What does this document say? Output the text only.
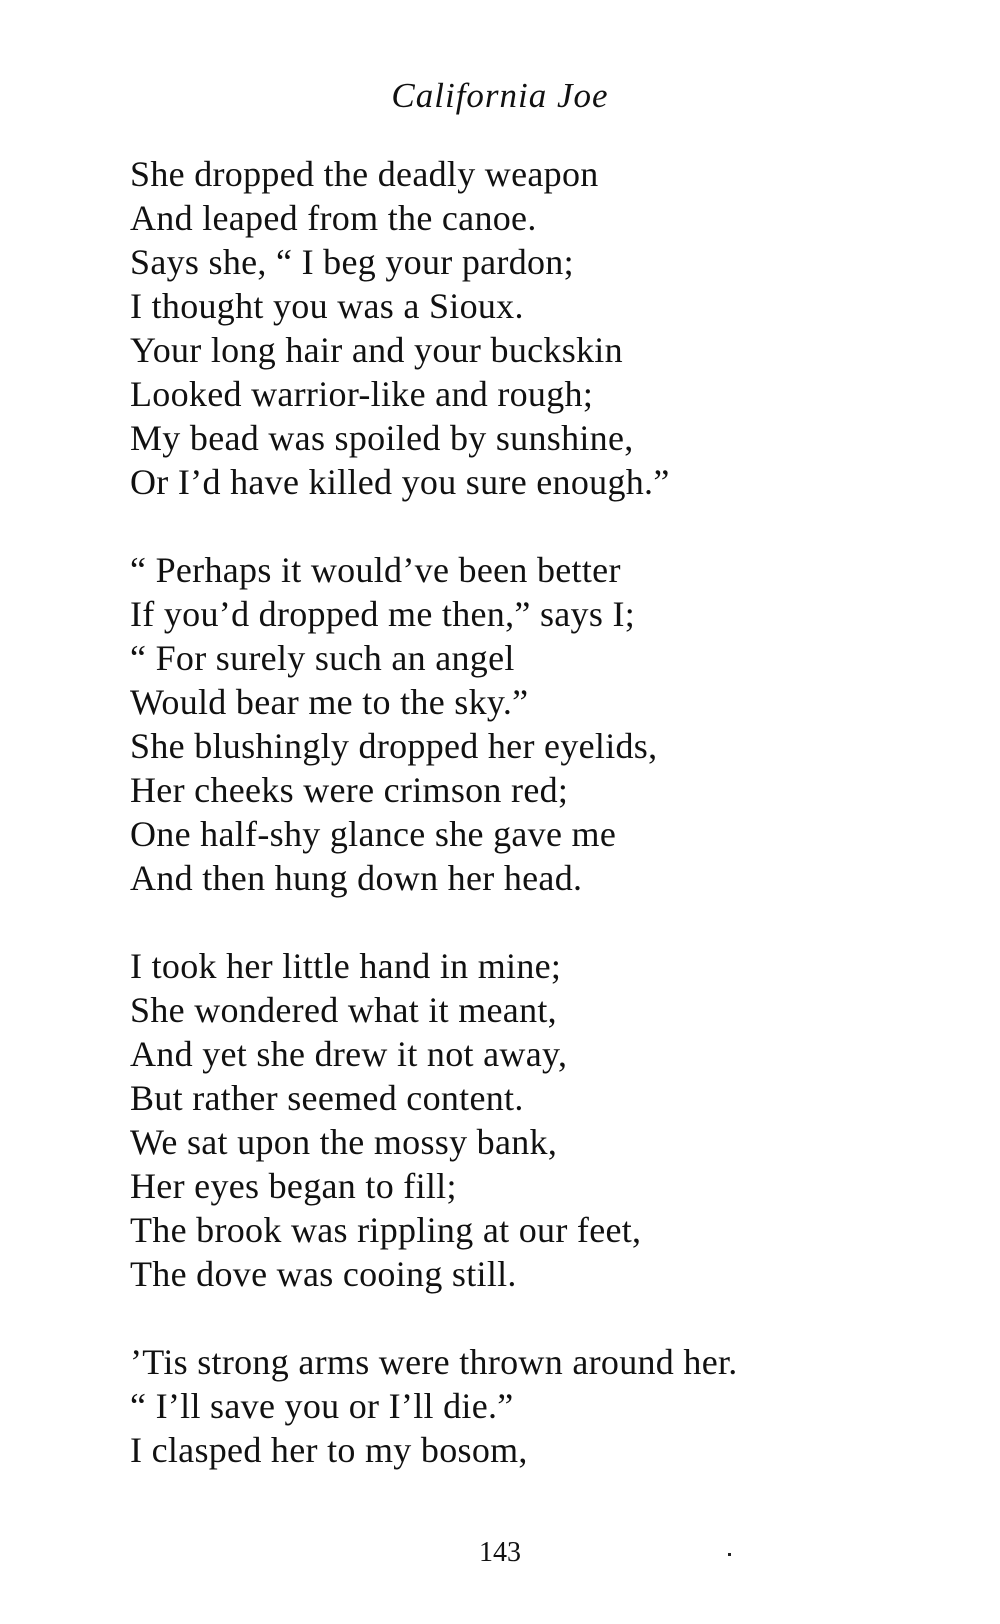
California Joe
She dropped the deadly weapon
And leaped from the canoe.
Says she, “ I beg your pardon;
I thought you was a Sioux.
Your long hair and your buckskin
Looked warrior-like and rough;
My bead was spoiled by sunshine,
Or I’d have killed you sure enough.”
“ Perhaps it would’ve been better
If you’d dropped me then,” says I;
“ For surely such an angel
Would bear me to the sky.”
She blushingly dropped her eyelids,
Her cheeks were crimson red;
One half-shy glance she gave me
And then hung down her head.
I took her little hand in mine;
She wondered what it meant,
And yet she drew it not away,
But rather seemed content.
We sat upon the mossy bank,
Her eyes began to fill;
The brook was rippling at our feet,
The dove was cooing still.
’Tis strong arms were thrown around her.
“ I’ll save you or I’ll die.”
I clasped her to my bosom,
143
